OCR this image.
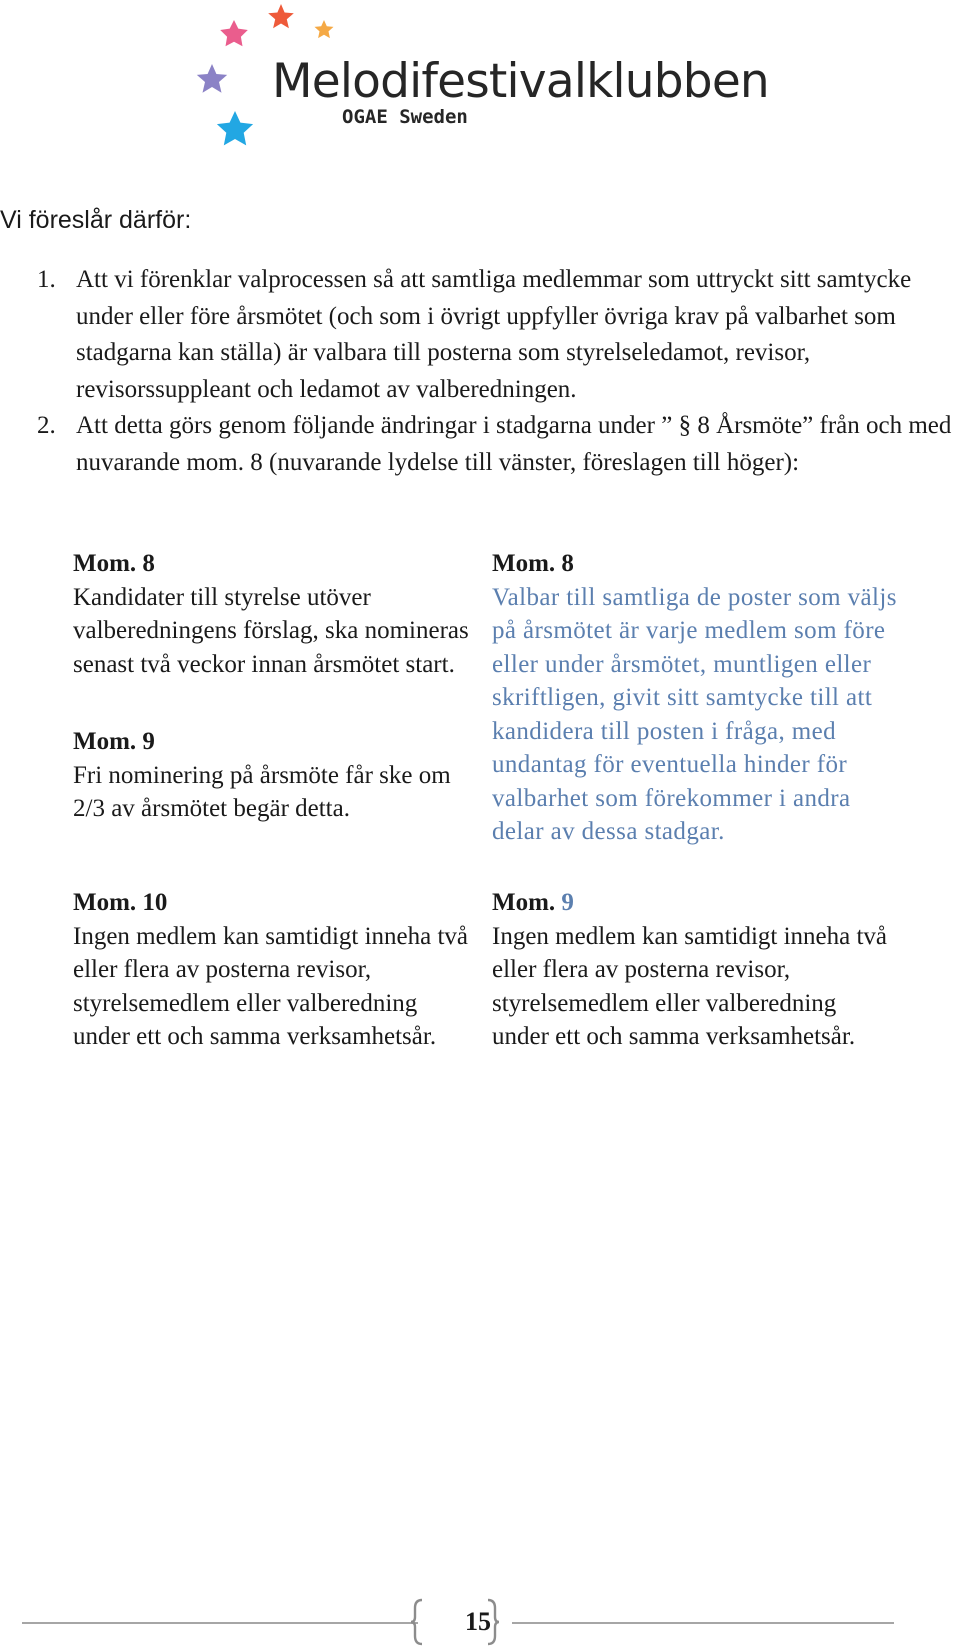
Melodifestivalklubben
OGAE Sweden

Vi föreslår därför:

1. Att vi förenklar valprocessen så att samtliga medlemmar som uttryckt sitt samtycke under eller före årsmötet (och som i övrigt uppfyller övriga krav på valbarhet som stadgarna kan ställa) är valbara till posterna som styrelseledamot, revisor, revisorssuppleant och ledamot av valberedningen.
2. Att detta görs genom följande ändringar i stadgarna under ” § 8 Årsmöte” från och med nuvarande mom. 8 (nuvarande lydelse till vänster, föreslagen till höger):

Mom. 8

Kandidater till styrelse utöver valberedningens förslag, ska nomineras senast två veckor innan årsmötet start.

Mom. 9

Fri nominering på årsmöte får ske om 2/3 av årsmötet begär detta.

Mom. 10

Ingen medlem kan samtidigt inneha två eller flera av posterna revisor, styrelsemedlem eller valberedning under ett och samma verksamhetsår.

Mom. 8

Valbar till samtliga de poster som väljs på årsmötet är varje medlem som före eller under årsmötet, muntligen eller skriftligen, givit sitt samtycke till att kandidera till posten i fråga, med undantag för eventuella hinder för valbarhet som förekommer i andra delar av dessa stadgar.

Mom. 9

Ingen medlem kan samtidigt inneha två eller flera av posterna revisor, styrelsemedlem eller valberedning under ett och samma verksamhetsår.

15
